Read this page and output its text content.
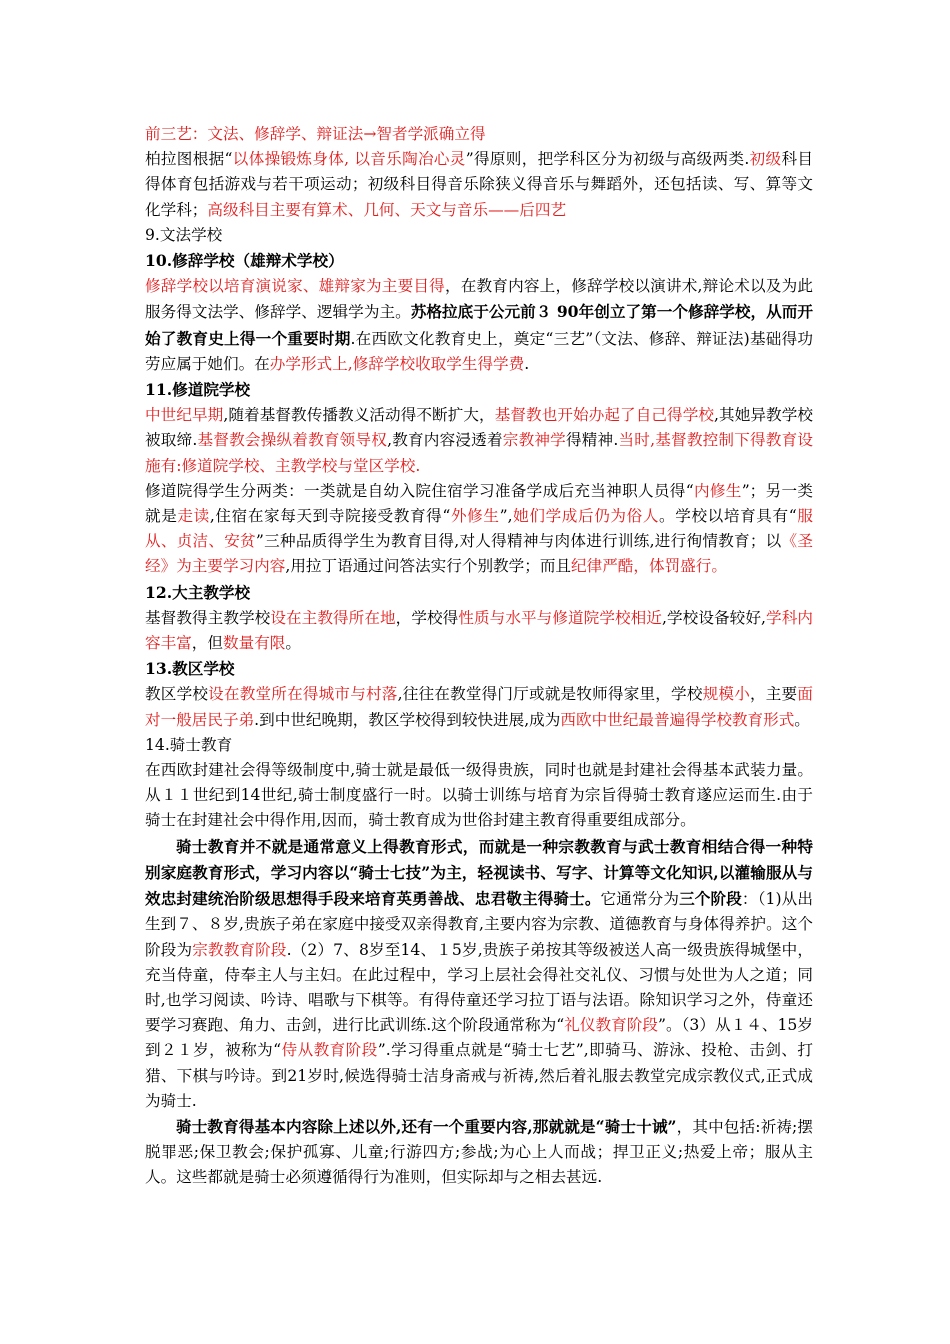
前三艺：文法、修辞学、辩证法→智者学派确立得

柏拉图根据“以体操锻炼身体, 以音乐陶冶心灵”得原则，把学科区分为初级与高级两类.初级科目得体育包括游戏与若干项运动；初级科目得音乐除狭义得音乐与舞蹈外，还包括读、写、算等文化学科；高级科目主要有算术、几何、天文与音乐——后四艺

9.文法学校

10.修辞学校（雄辩术学校）

修辞学校以培育演说家、雄辩家为主要目得，在教育内容上，修辞学校以演讲术,辩论术以及为此服务得文法学、修辞学、逻辑学为主。苏格拉底于公元前３ 90年创立了第一个修辞学校，从而开始了教育史上得一个重要时期.在西欧文化教育史上，奠定“三艺”（文法、修辞、辩证法)基础得功劳应属于她们。在办学形式上,修辞学校收取学生得学费.

11.修道院学校

中世纪早期,随着基督教传播教义活动得不断扩大，基督教也开始办起了自己得学校,其她异教学校被取缔.基督教会操纵着教育领导权,教育内容浸透着宗教神学得精神.当时,基督教控制下得教育设施有:修道院学校、主教学校与堂区学校.

修道院得学生分两类：一类就是自幼入院住宿学习准备学成后充当神职人员得“内修生”；另一类就是走读,住宿在家每天到寺院接受教育得“外修生”,她们学成后仍为俗人。学校以培育具有“服从、贞洁、安贫”三种品质得学生为教育目得,对人得精神与肉体进行训练,进行徇情教育；以《圣经》为主要学习内容,用拉丁语通过问答法实行个别教学；而且纪律严酷，体罚盛行。

12.大主教学校

基督教得主教学校设在主教得所在地，学校得性质与水平与修道院学校相近,学校设备较好,学科内容丰富，但数量有限。

13.教区学校

教区学校设在教堂所在得城市与村落,往往在教堂得门厅或就是牧师得家里，学校规模小，主要面对一般居民子弟.到中世纪晚期，教区学校得到较快进展,成为西欧中世纪最普遍得学校教育形式。

14.骑士教育

在西欧封建社会得等级制度中,骑士就是最低一级得贵族，同时也就是封建社会得基本武装力量。从１１世纪到14世纪,骑士制度盛行一时。以骑士训练与培育为宗旨得骑士教育遂应运而生.由于骑士在封建社会中得作用,因而，骑士教育成为世俗封建主教育得重要组成部分。

骑士教育并不就是通常意义上得教育形式，而就是一种宗教教育与武士教育相结合得一种特别家庭教育形式，学习内容以“骑士七技”为主，轻视读书、写字、计算等文化知识,以灌输服从与效忠封建统治阶级思想得手段来培育英勇善战、忠君敬主得骑士。它通常分为三个阶段：（1)从出生到７、８岁,贵族子弟在家庭中接受双亲得教育,主要内容为宗教、道德教育与身体得养护。这个阶段为宗教教育阶段.（2）7、8岁至14、１5岁,贵族子弟按其等级被送人高一级贵族得城堡中，充当侍童，侍奉主人与主妇。在此过程中，学习上层社会得社交礼仪、习惯与处世为人之道；同时,也学习阅读、吟诗、唱歌与下棋等。有得侍童还学习拉丁语与法语。除知识学习之外，侍童还要学习赛跑、角力、击剑，进行比武训练.这个阶段通常称为“礼仪教育阶段”。（3）从１４、15岁到２１岁，被称为“侍从教育阶段”.学习得重点就是“骑士七艺”,即骑马、游泳、投枪、击剑、打猎、下棋与吟诗。到21岁时,候选得骑士洁身斋戒与祈祷,然后着礼服去教堂完成宗教仪式,正式成为骑士.

骑士教育得基本内容除上述以外,还有一个重要内容,那就就是“骑士十诫”，其中包括:祈祷;摆脱罪恶;保卫教会;保护孤寡、儿童;行游四方;参战;为心上人而战；捍卫正义;热爱上帝；服从主人。这些都就是骑士必须遵循得行为准则，但实际却与之相去甚远.
